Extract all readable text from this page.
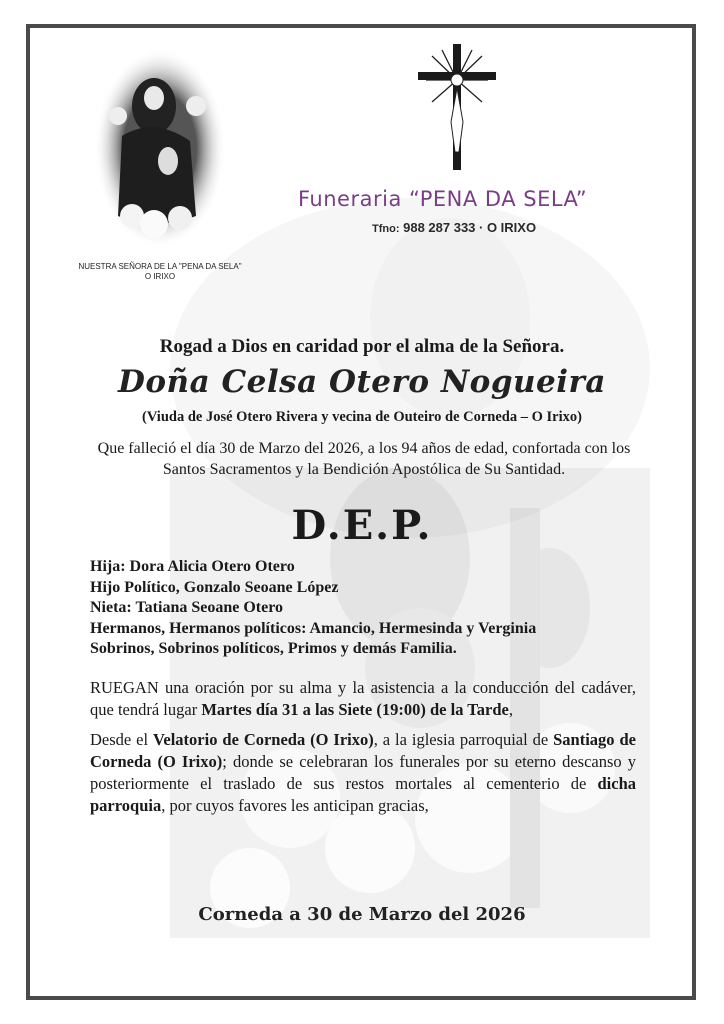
NUESTRA SEÑORA DE LA "PENA DA SELA"
O IRIXO
Funeraria “PENA DA SELA”
Tfno: 988 287 333 · O IRIXO
Rogad a Dios en caridad por el alma de la Señora.
Doña Celsa Otero Nogueira
(Viuda de José Otero Rivera y vecina de Outeiro de Corneda – O Irixo)
Que falleció el día 30 de Marzo del 2026, a los 94 años de edad, confortada con los Santos Sacramentos y la Bendición Apostólica de Su Santidad.
D.E.P.
Hija: Dora Alicia Otero Otero
Hijo Político, Gonzalo Seoane López
Nieta: Tatiana Seoane Otero
Hermanos, Hermanos políticos: Amancio, Hermesinda y Verginia
Sobrinos, Sobrinos políticos, Primos y demás Familia.
RUEGAN una oración por su alma y la asistencia a la conducción del cadáver, que tendrá lugar Martes día 31 a las Siete (19:00) de la Tarde,
Desde el Velatorio de Corneda (O Irixo), a la iglesia parroquial de Santiago de Corneda (O Irixo); donde se celebraran los funerales por su eterno descanso y posteriormente el traslado de sus restos mortales al cementerio de dicha parroquia, por cuyos favores les anticipan gracias,
Corneda a 30 de Marzo del 2026
